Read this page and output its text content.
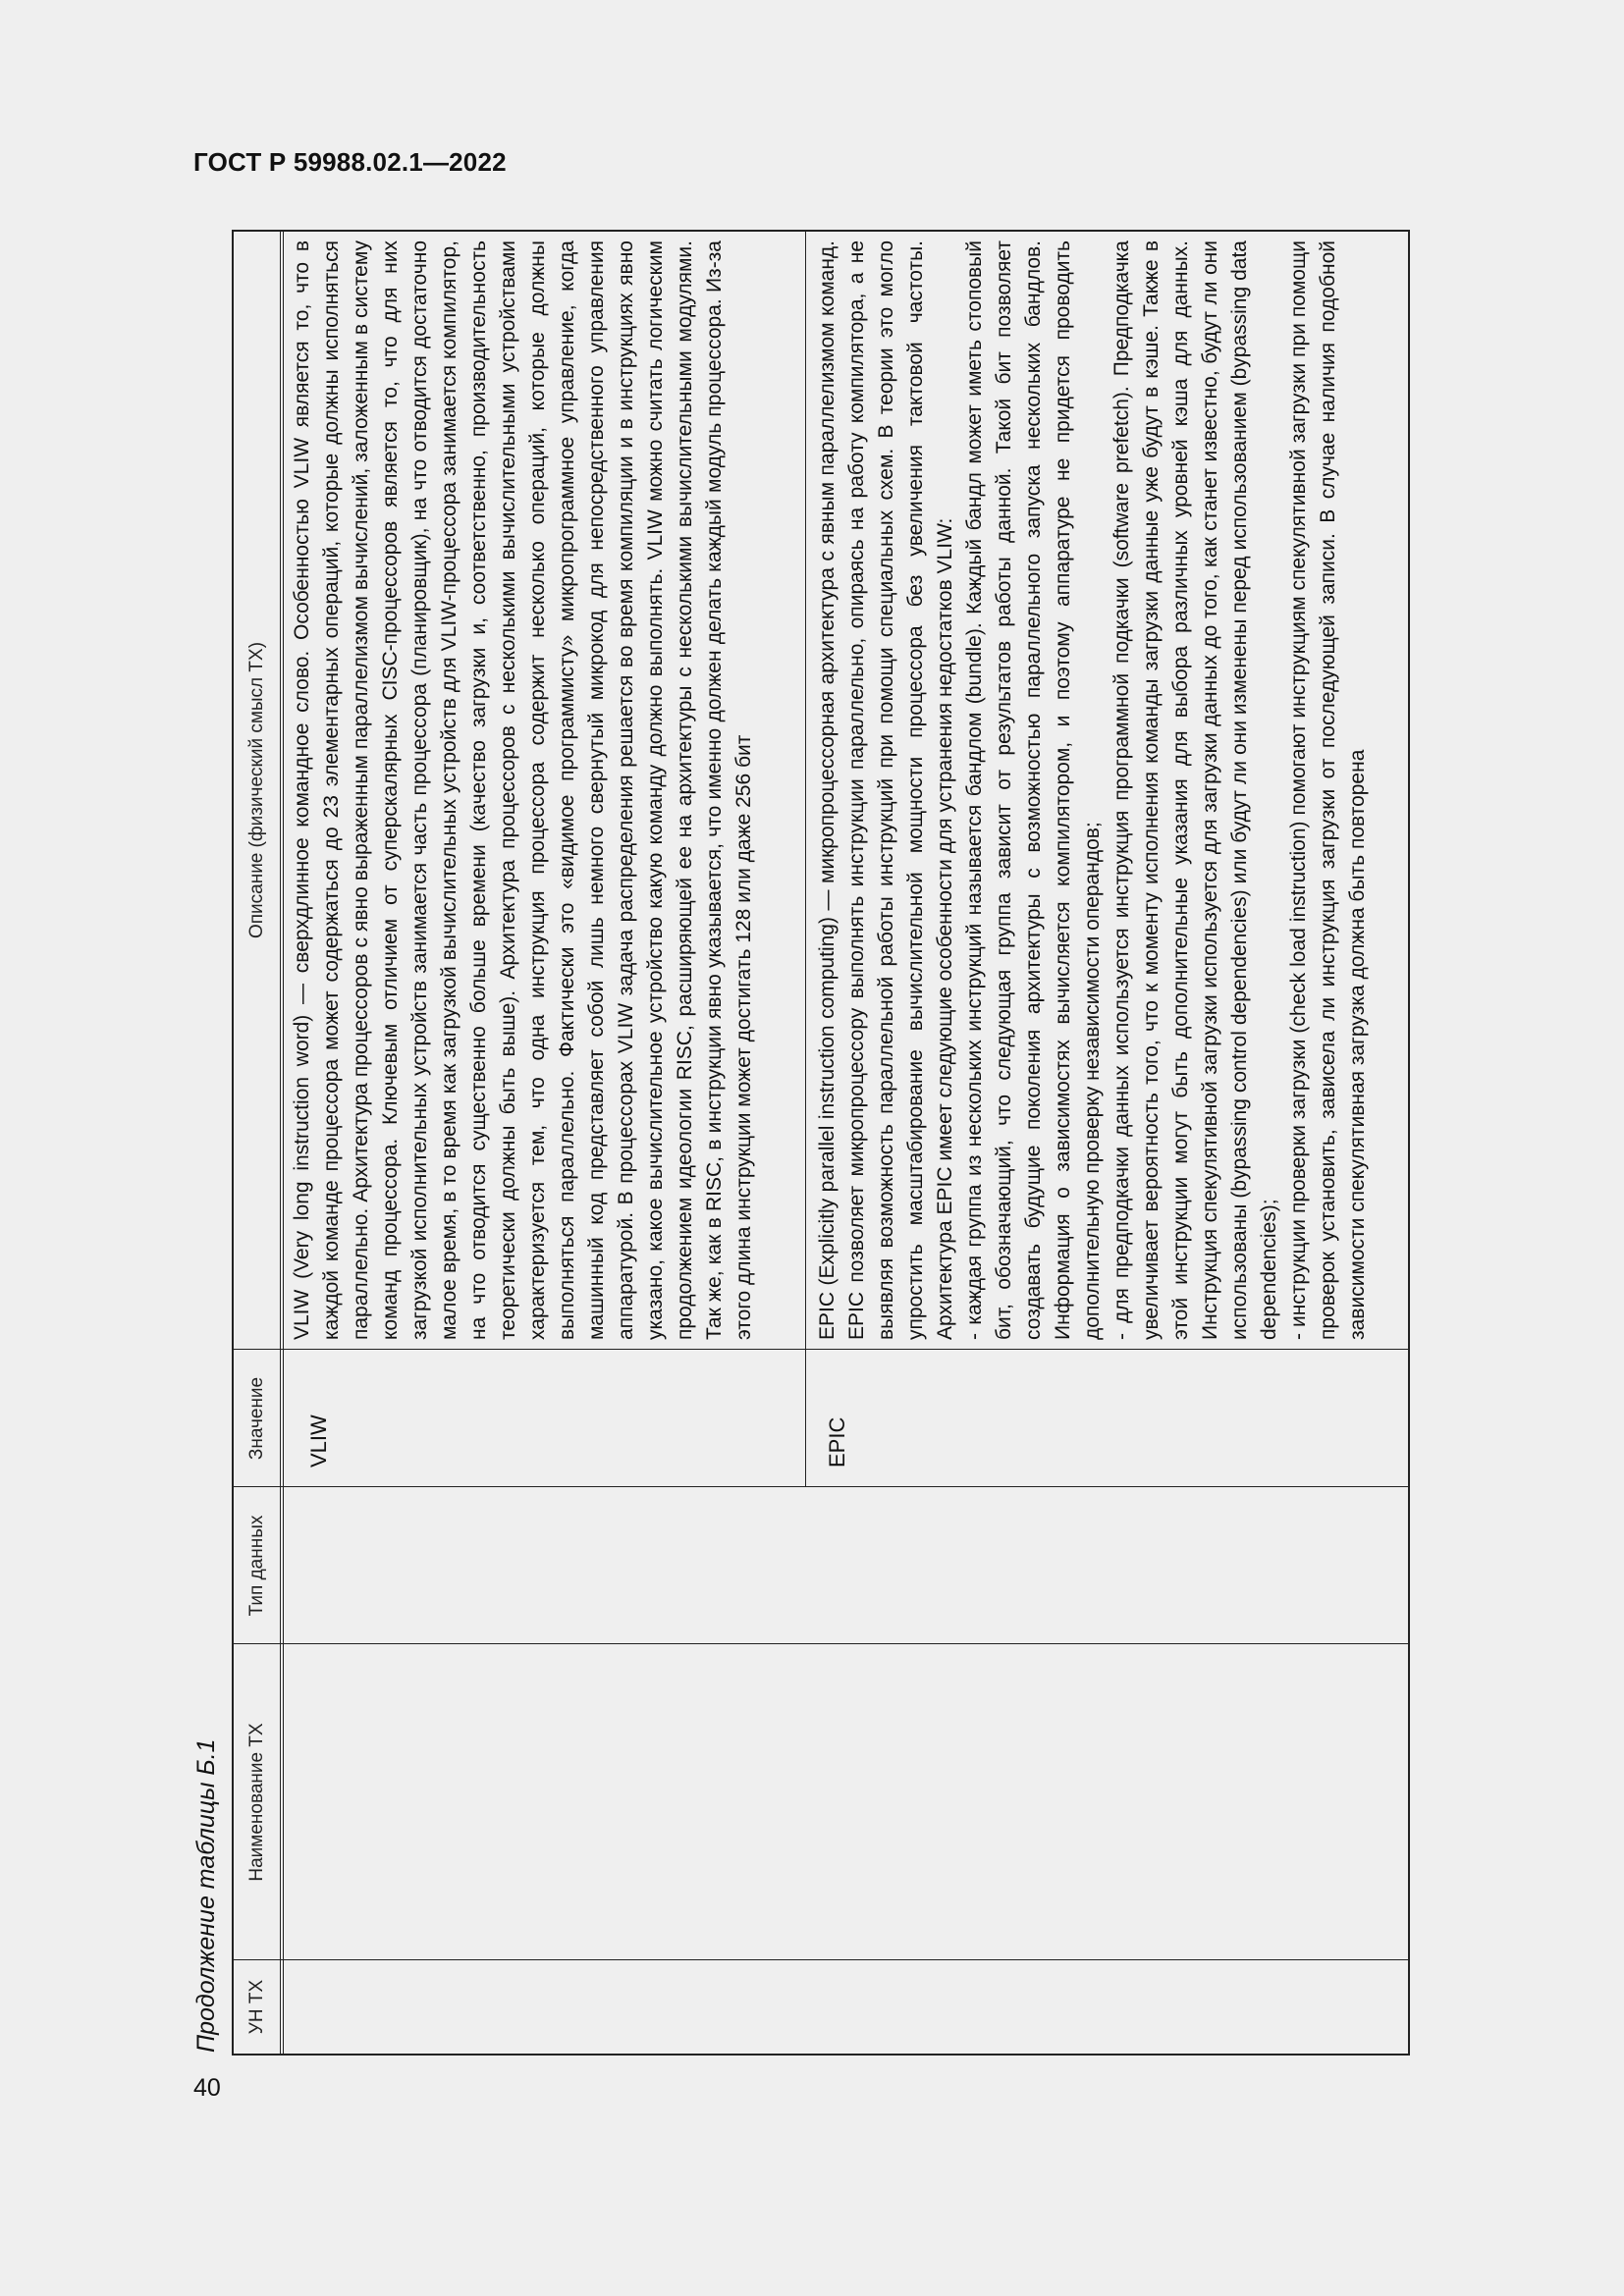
ГОСТ Р 59988.02.1—2022
40
Продолжение таблицы Б.1	УН ТХ
Наименование ТХ
Тип данных
Значение
Описание (физический смысл ТХ)
VLIW
VLIW (Very long instruction word) — сверхдлинное командное слово. Особенностью VLIW является то, что в каждой команде процессора может содержаться до 23 элементарных операций, которые должны исполняться параллельно. Архитектура процессоров с явно выраженным параллелизмом вычислений, заложенным в систему команд процессора. Ключевым отличием от суперскалярных CISC-процессоров является то, что для них загрузкой исполнительных устройств занимается часть процессора (планировщик), на что отводится достаточно малое время, в то время как загрузкой вычислительных устройств для VLIW-процессора занимается компилятор, на что отводится существенно больше времени (качество загрузки и, соответственно, производительность теоретически должны быть выше). Архитектура процессоров с несколькими вычислительными устройствами характеризуется тем, что одна инструкция процессора содержит несколько операций, которые должны выполняться параллельно. Фактически это «видимое программисту» микропрограммное управление, когда машинный код представляет собой лишь немного свернутый микрокод для непосредственного управления аппаратурой. В процессорах VLIW задача распределения решается во время компиляции и в инструкциях явно указано, какое вычислительное устройство какую команду должно выполнять. VLIW можно считать логическим продолжением идеологии RISC, расширяющей ее на архитектуры с несколькими вычислительными модулями. Так же, как в RISC, в инструкции явно указывается, что именно должен делать каждый модуль процессора. Из-за этого длина инструкции может достигать 128 или даже 256 бит
EPIC

EPIC (Explicitly parallel instruction computing) — микропроцессорная архитектура с явным параллелизмом команд. EPIC позволяет микропроцессору выполнять инструкции параллельно, опираясь на работу компилятора, а не выявляя возможность параллельной работы инструкций при помощи специальных схем. В теории это могло упростить масштабирование вычислительной мощности процессора без увеличения тактовой частоты. Архитектура EPIC имеет следующие особенности для устранения недостатков VLIW: - каждая группа из нескольких инструкций называется бандлом (bundle). Каждый бандл может иметь стоповый бит, обозначающий, что следующая группа зависит от результатов работы данной. Такой бит позволяет создавать будущие поколения архитектуры с возможностью параллельного запуска нескольких бандлов. Информация о зависимостях вычисляется компилятором, и поэтому аппаратуре не придется проводить дополнительную проверку независимости операндов; - для предподкачки данных используется инструкция программной подкачки (software prefetch). Предподкачка увеличивает вероятность того, что к моменту исполнения команды загрузки данные уже будут в кэше. Также в этой инструкции могут быть дополнительные указания для выбора различных уровней кэша для данных. Инструкция спекулятивной загрузки используется для загрузки данных до того, как станет известно, будут ли они использованы (bypassing control dependencies) или будут ли они изменены перед использованием (bypassing data dependencies); - инструкции проверки загрузки (check load instruction) помогают инструкциям спекулятивной загрузки при помощи проверок установить, зависела ли инструкция загрузки от последующей записи. В случае наличия подобной зависимости спекулятивная загрузка должна быть повторена
